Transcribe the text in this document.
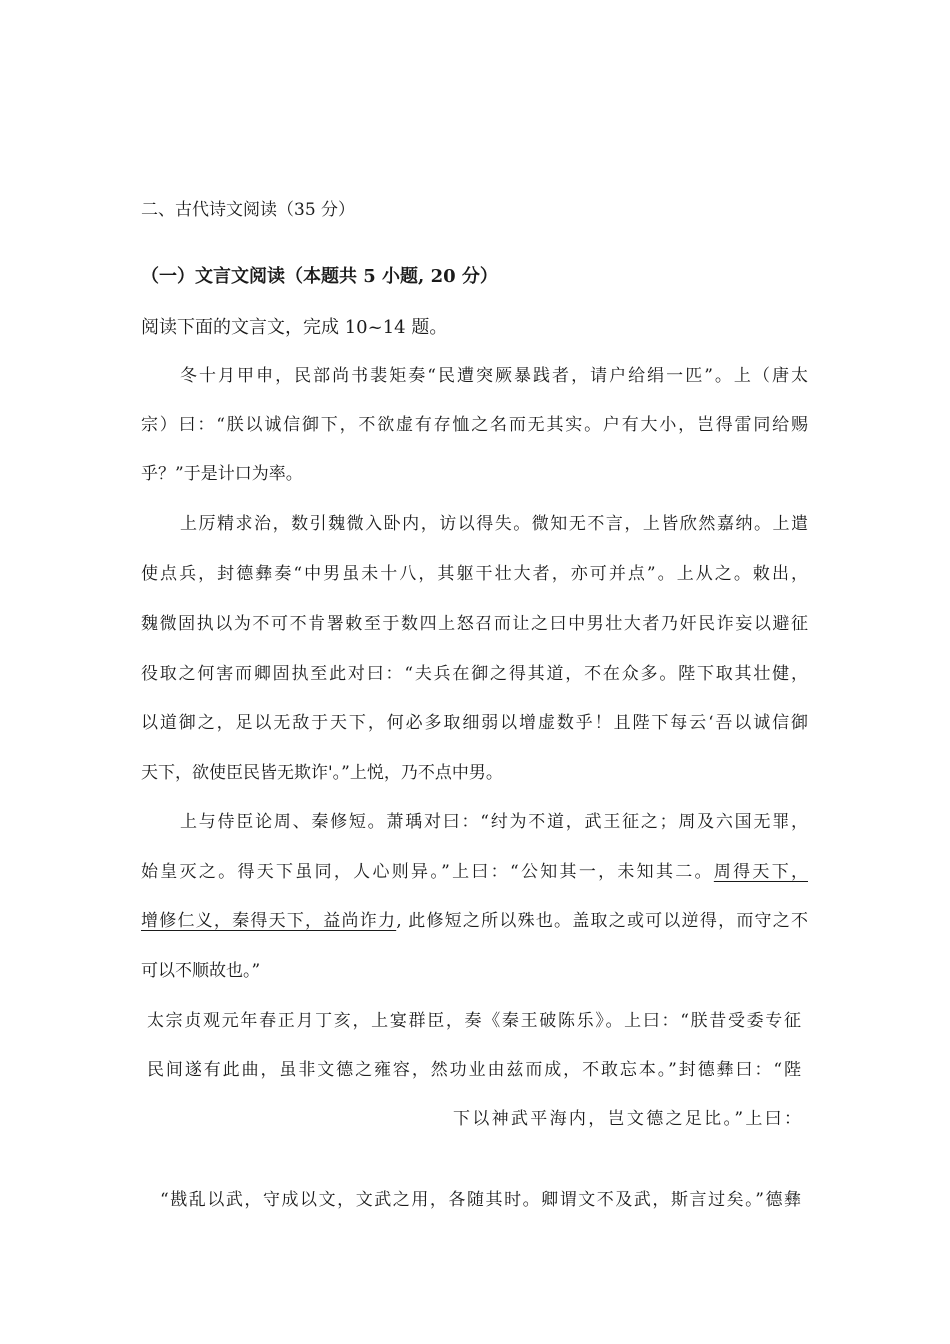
二、古代诗文阅读（35 分）
（一）文言文阅读（本题共 5 小题, 20 分）
阅读下面的文言文，完成 10~14 题。
冬十月甲申，民部尚书裴矩奏“民遭突厥暴践者，请户给绢一匹”。上（唐太
宗）曰：“朕以诚信御下，不欲虚有存恤之名而无其实。户有大小，岂得雷同给赐
乎？”于是计口为率。
上厉精求治，数引魏微入卧内，访以得失。微知无不言，上皆欣然嘉纳。上遣
使点兵，封德彝奏“中男虽未十八，其躯干壮大者，亦可并点”。上从之。敕出，
魏微固执以为不可不肯署敕至于数四上怒召而让之曰中男壮大者乃奸民诈妄以避征
役取之何害而卿固执至此对曰：“夫兵在御之得其道，不在众多。陛下取其壮健，
以道御之，足以无敌于天下，何必多取细弱以增虚数乎！且陛下每云‘吾以诚信御
天下，欲使臣民皆无欺诈'。”上悦，乃不点中男。
上与侍臣论周、秦修短。萧瑀对曰：“纣为不道，武王征之；周及六国无罪，
始皇灭之。得天下虽同，人心则异。”上曰：“公知其一，未知其二。周得天下，
增修仁义，秦得天下，益尚诈力, 此修短之所以殊也。盖取之或可以逆得，而守之不
可以不顺故也。”
太宗贞观元年春正月丁亥，上宴群臣，奏《秦王破陈乐》。上曰：“朕昔受委专征
民间遂有此曲，虽非文德之雍容，然功业由兹而成，不敢忘本。”封德彝曰：“陛
下以神武平海内，岂文德之足比。”上曰：
“戡乱以武，守成以文，文武之用，各随其时。卿谓文不及武，斯言过矣。”德彝
